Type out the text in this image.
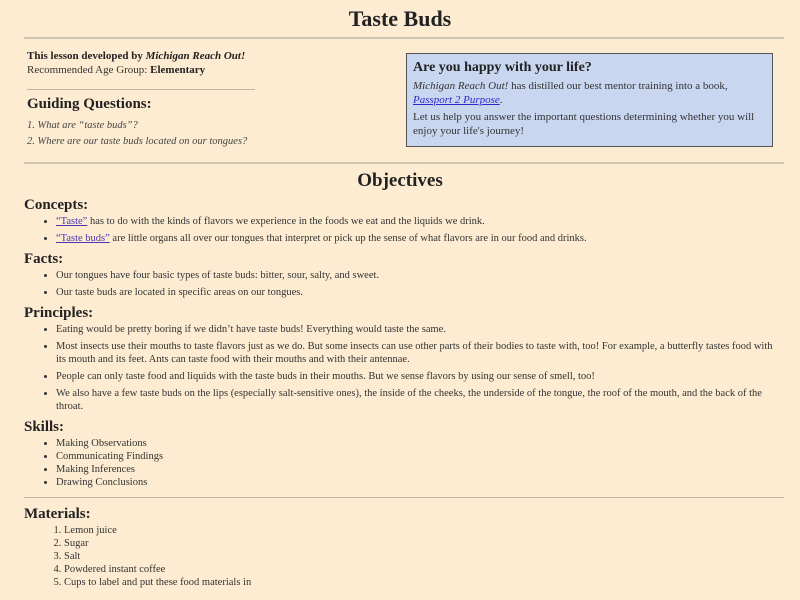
Taste Buds
This lesson developed by Michigan Reach Out!
Recommended Age Group: Elementary
Guiding Questions:
1. What are “taste buds”?
2. Where are our taste buds located on our tongues?
Are you happy with your life?

Michigan Reach Out! has distilled our best mentor training into a book, Passport 2 Purpose.

Let us help you answer the important questions determining whether you will enjoy your life's journey!

Objectives
Concepts:
• “Taste” has to do with the kinds of flavors we experience in the foods we eat and the liquids we drink.
• “Taste buds” are little organs all over our tongues that interpret or pick up the sense of what flavors are in our food and drinks.
Facts:
• Our tongues have four basic types of taste buds: bitter, sour, salty, and sweet.
• Our taste buds are located in specific areas on our tongues.
Principles:
• Eating would be pretty boring if we didn’t have taste buds! Everything would taste the same.
• Most insects use their mouths to taste flavors just as we do. But some insects can use other parts of their bodies to taste with, too! For example, a butterfly tastes food with its mouth and its feet. Ants can taste food with their mouths and with their antennae.
• People can only taste food and liquids with the taste buds in their mouths. But we sense flavors by using our sense of smell, too!
• We also have a few taste buds on the lips (especially salt-sensitive ones), the inside of the cheeks, the underside of the tongue, the roof of the mouth, and the back of the throat.
Skills:
• Making Observations
• Communicating Findings
• Making Inferences
• Drawing Conclusions
Materials:
1. Lemon juice
2. Sugar
3. Salt
4. Powdered instant coffee
5. Cups to label and put these food materials in
